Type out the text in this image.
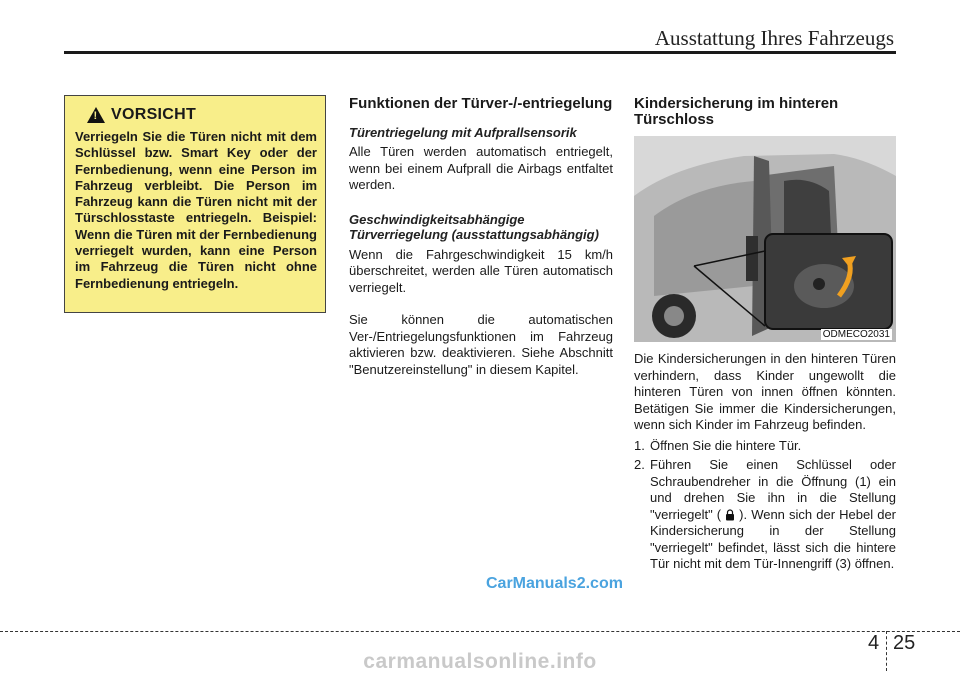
Ausstattung Ihres Fahrzeugs
!
VORSICHT
Verriegeln Sie die Türen nicht mit dem Schlüssel bzw. Smart Key oder der Fernbedienung, wenn eine Person im Fahrzeug verbleibt. Die Person im Fahrzeug kann die Türen nicht mit der Türschlosstaste entriegeln. Beispiel: Wenn die Türen mit der Fernbedienung verriegelt wurden, kann eine Person im Fahrzeug die Türen nicht ohne Fernbedienung entriegeln.
Funktionen der Türver-/-entriegelung
Türentriegelung mit Aufprallsensorik

Alle Türen werden automatisch entriegelt, wenn bei einem Aufprall die Airbags entfaltet werden.

Geschwindigkeitsabhängige Türverriegelung (ausstattungsabhängig)

Wenn die Fahrgeschwindigkeit 15 km/h überschreitet, werden alle Türen automatisch verriegelt.

Sie können die automatischen Ver-/Entriegelungsfunktionen im Fahrzeug aktivieren bzw. deaktivieren. Siehe Abschnitt "Benutzereinstellung" in diesem Kapitel.

Kindersicherung im hinteren Türschloss
ODMECO2031

Die Kindersicherungen in den hinteren Türen verhindern, dass Kinder ungewollt die hinteren Türen von innen öffnen könnten. Betätigen Sie immer die Kindersicherungen, wenn sich Kinder im Fahrzeug befinden.

1. Öffnen Sie die hintere Tür.
2. Führen Sie einen Schlüssel oder Schraubendreher in die Öffnung (1) ein und drehen Sie ihn in die Stellung "verriegelt" ( ). Wenn sich der Hebel der Kindersicherung in der Stellung "verriegelt" befindet, lässt sich die hintere Tür nicht mit dem Tür-Innengriff (3) öffnen.
CarManuals2.com
4 25
carmanualsonline.info
